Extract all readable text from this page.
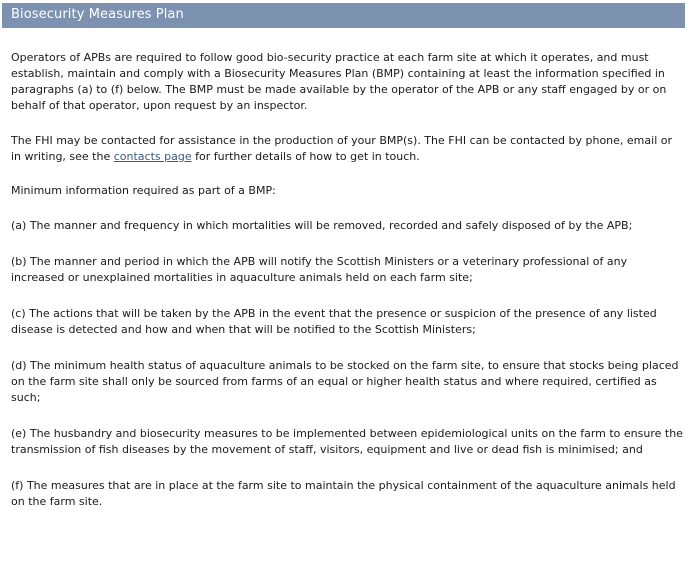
Biosecurity Measures Plan

Operators of APBs are required to follow good bio-security practice at each farm site at which it operates, and must establish, maintain and comply with a Biosecurity Measures Plan (BMP) containing at least the information specified in paragraphs (a) to (f) below. The BMP must be made available by the operator of the APB or any staff engaged by or on behalf of that operator, upon request by an inspector.

The FHI may be contacted for assistance in the production of your BMP(s). The FHI can be contacted by phone, email or in writing, see the contacts page for further details of how to get in touch.

Minimum information required as part of a BMP:

(a) The manner and frequency in which mortalities will be removed, recorded and safely disposed of by the APB;

(b) The manner and period in which the APB will notify the Scottish Ministers or a veterinary professional of any increased or unexplained mortalities in aquaculture animals held on each farm site;

(c) The actions that will be taken by the APB in the event that the presence or suspicion of the presence of any listed disease is detected and how and when that will be notified to the Scottish Ministers;

(d) The minimum health status of aquaculture animals to be stocked on the farm site, to ensure that stocks being placed on the farm site shall only be sourced from farms of an equal or higher health status and where required, certified as such;

(e) The husbandry and biosecurity measures to be implemented between epidemiological units on the farm to ensure the transmission of fish diseases by the movement of staff, visitors, equipment and live or dead fish is minimised; and

(f) The measures that are in place at the farm site to maintain the physical containment of the aquaculture animals held on the farm site.
